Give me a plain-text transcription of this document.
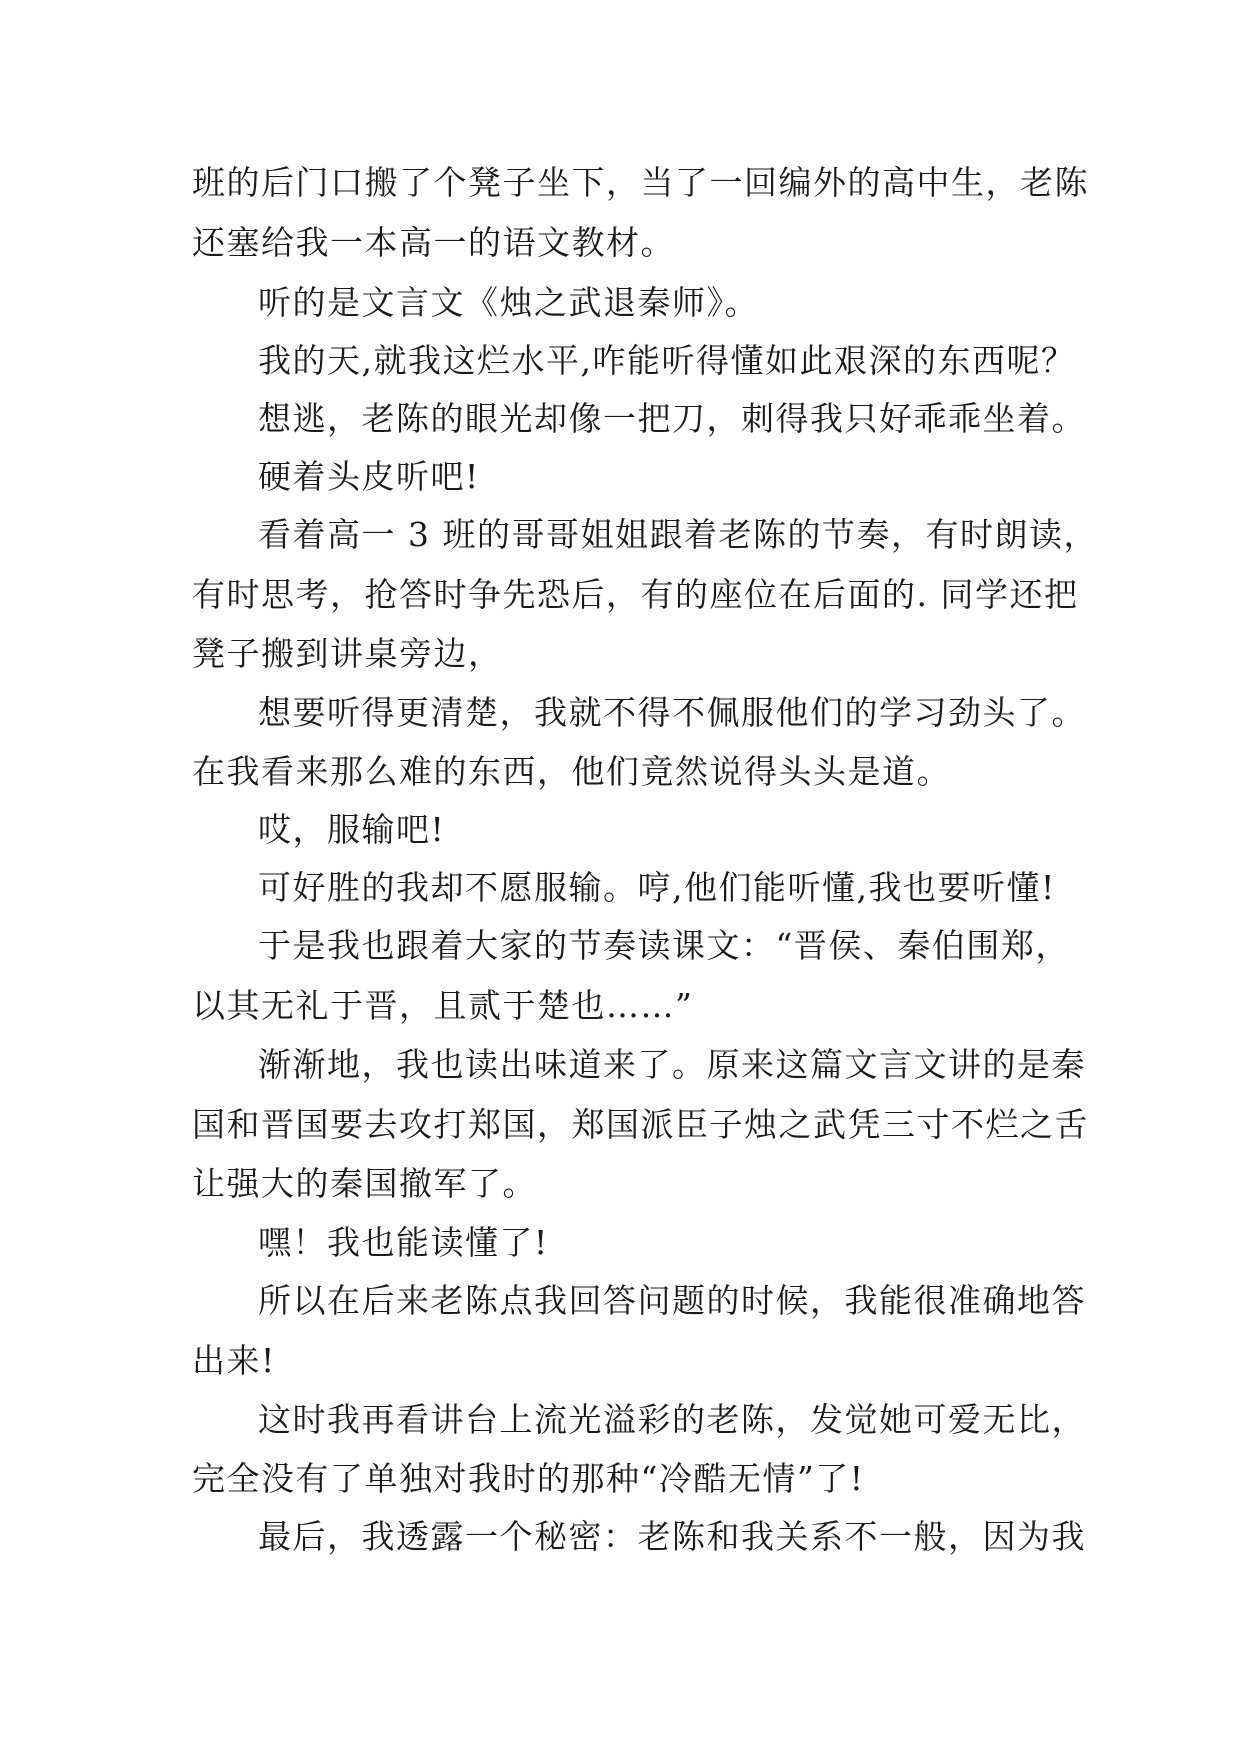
班的后门口搬了个凳子坐下，当了一回编外的高中生，老陈
还塞给我一本高一的语文教材。
听的是文言文《烛之武退秦师》。
我的天,就我这烂水平,咋能听得懂如此艰深的东西呢？
想逃，老陈的眼光却像一把刀，刺得我只好乖乖坐着。
硬着头皮听吧!
看着高一 3 班的哥哥姐姐跟着老陈的节奏，有时朗读，
有时思考，抢答时争先恐后，有的座位在后面的. 同学还把
凳子搬到讲桌旁边，
想要听得更清楚，我就不得不佩服他们的学习劲头了。
在我看来那么难的东西，他们竟然说得头头是道。
哎，服输吧!
可好胜的我却不愿服输。哼,他们能听懂,我也要听懂!
于是我也跟着大家的节奏读课文：“晋侯、秦伯围郑，
以其无礼于晋，且贰于楚也……”
渐渐地，我也读出味道来了。原来这篇文言文讲的是秦
国和晋国要去攻打郑国，郑国派臣子烛之武凭三寸不烂之舌
让强大的秦国撤军了。
嘿！我也能读懂了!
所以在后来老陈点我回答问题的时候，我能很准确地答
出来!
这时我再看讲台上流光溢彩的老陈，发觉她可爱无比，
完全没有了单独对我时的那种“冷酷无情”了!
最后，我透露一个秘密：老陈和我关系不一般，因为我
